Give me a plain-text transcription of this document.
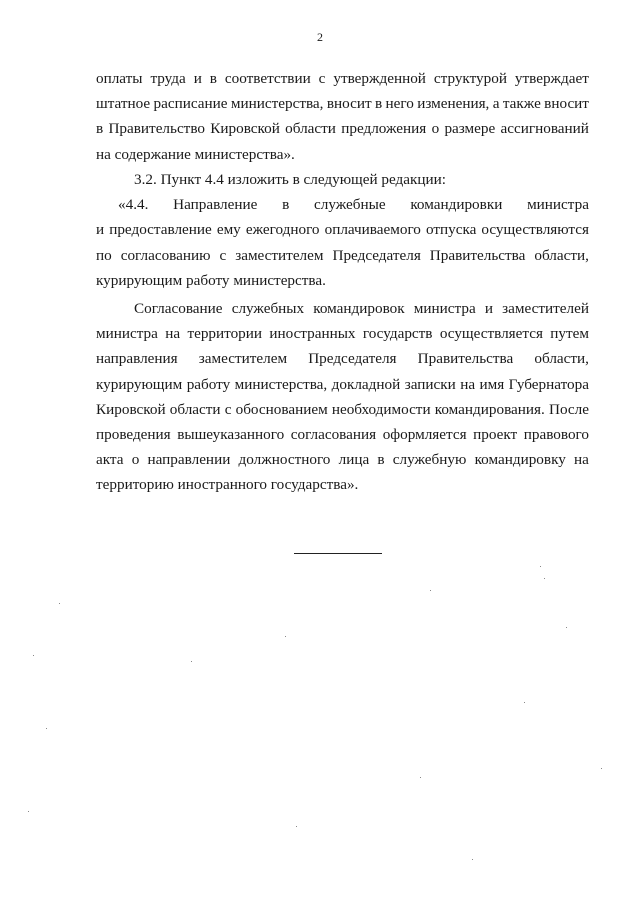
2
оплаты труда и в соответствии с утвержденной структурой утверждает
штатное расписание министерства, вносит в него изменения, а также вносит
в Правительство Кировской области предложения о размере ассигнований
на содержание министерства».
3.2. Пункт 4.4 изложить в следующей редакции:
«4.4. Направление в служебные командировки министра
и предоставление ему ежегодного оплачиваемого отпуска осуществляются
по согласованию с заместителем Председателя Правительства области,
курирующим работу министерства.
Согласование служебных командировок министра и заместителей
министра на территории иностранных государств осуществляется путем
направления заместителем Председателя Правительства области,
курирующим работу министерства, докладной записки на имя Губернатора
Кировской области с обоснованием необходимости командирования. После
проведения вышеуказанного согласования оформляется проект правового
акта о направлении должностного лица в служебную командировку на
территорию иностранного государства».
